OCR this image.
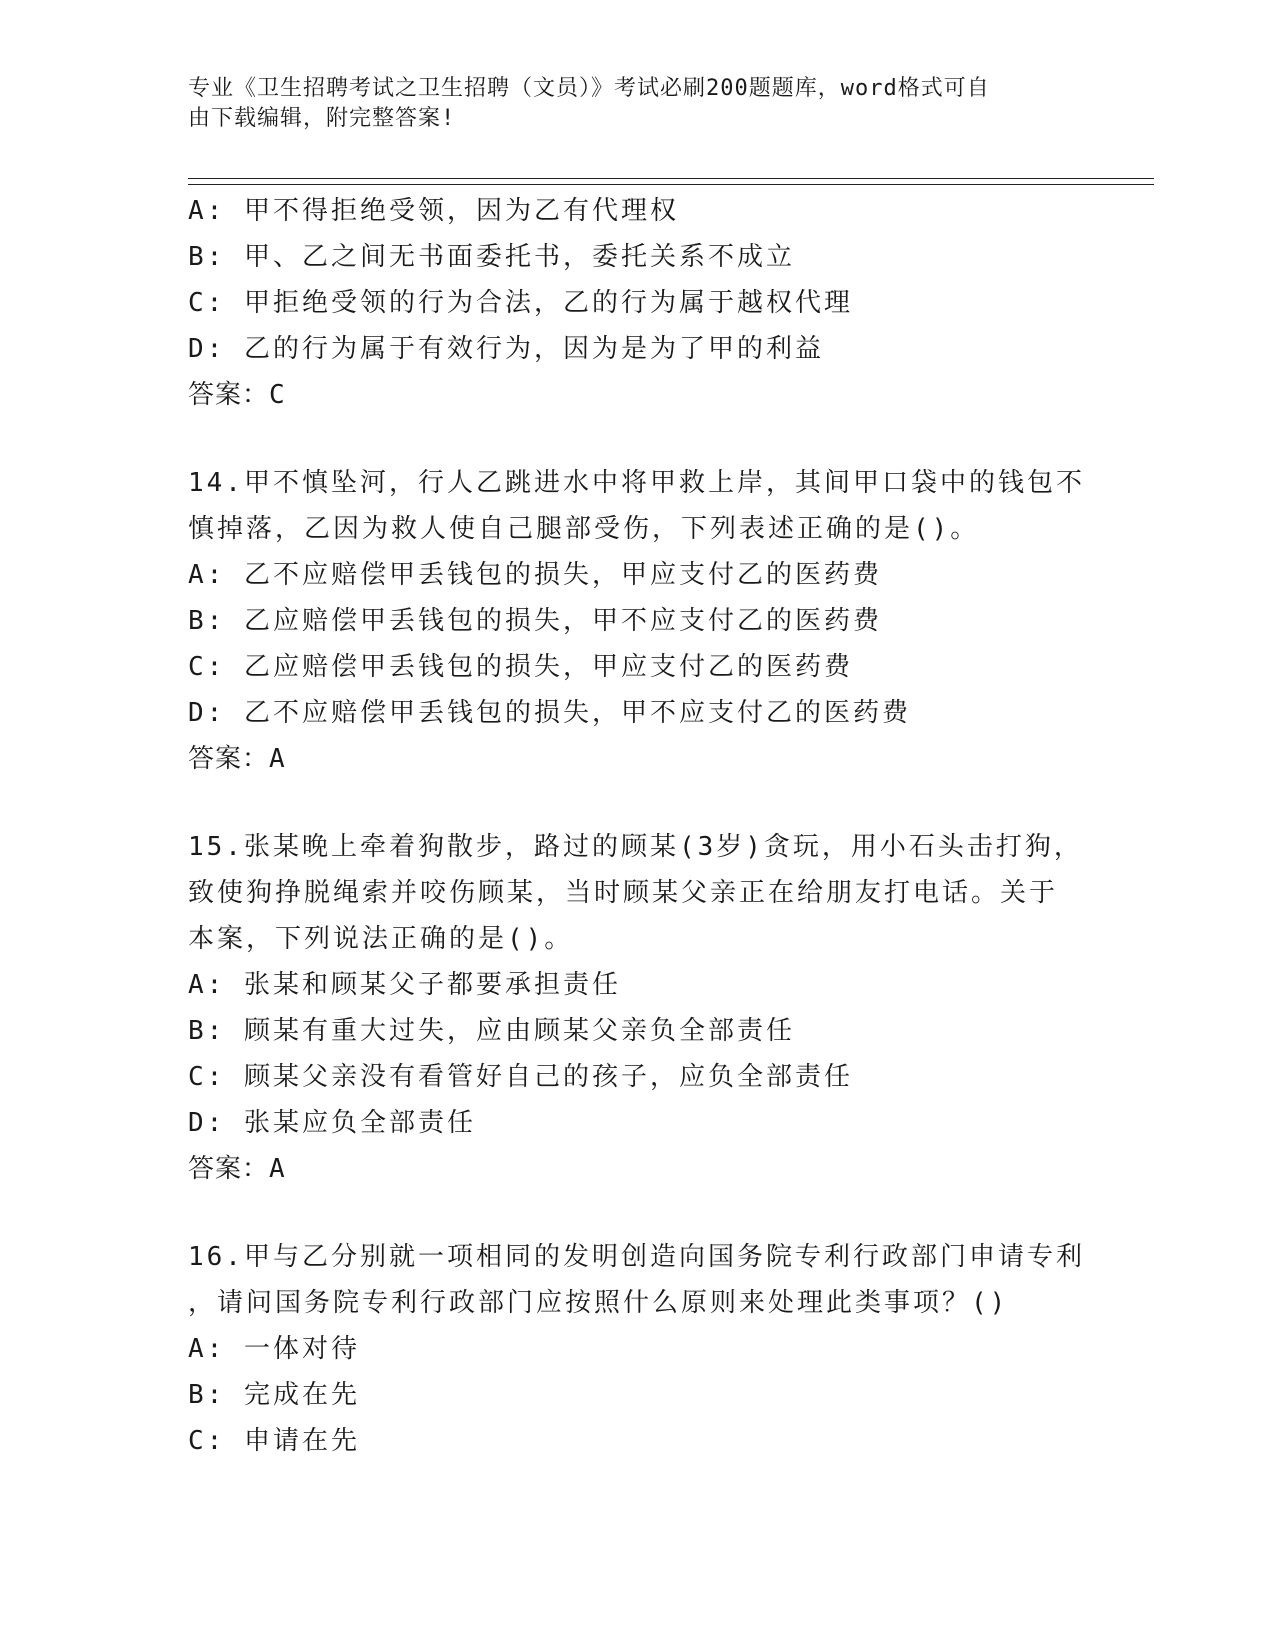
专业《卫生招聘考试之卫生招聘（文员）》考试必刷200题题库，word格式可自
由下载编辑，附完整答案!
A: 甲不得拒绝受领，因为乙有代理权
B: 甲、乙之间无书面委托书，委托关系不成立
C: 甲拒绝受领的行为合法，乙的行为属于越权代理
D: 乙的行为属于有效行为，因为是为了甲的利益
答案：C
14.甲不慎坠河，行人乙跳进水中将甲救上岸，其间甲口袋中的钱包不
慎掉落，乙因为救人使自己腿部受伤，下列表述正确的是()。
A: 乙不应赔偿甲丢钱包的损失，甲应支付乙的医药费
B: 乙应赔偿甲丢钱包的损失，甲不应支付乙的医药费
C: 乙应赔偿甲丢钱包的损失，甲应支付乙的医药费
D: 乙不应赔偿甲丢钱包的损失，甲不应支付乙的医药费
答案：A
15.张某晚上牵着狗散步，路过的顾某(3岁)贪玩，用小石头击打狗，
致使狗挣脱绳索并咬伤顾某，当时顾某父亲正在给朋友打电话。关于
本案，下列说法正确的是()。
A: 张某和顾某父子都要承担责任
B: 顾某有重大过失，应由顾某父亲负全部责任
C: 顾某父亲没有看管好自己的孩子，应负全部责任
D: 张某应负全部责任
答案：A
16.甲与乙分别就一项相同的发明创造向国务院专利行政部门申请专利
，请问国务院专利行政部门应按照什么原则来处理此类事项？()
A: 一体对待
B: 完成在先
C: 申请在先
